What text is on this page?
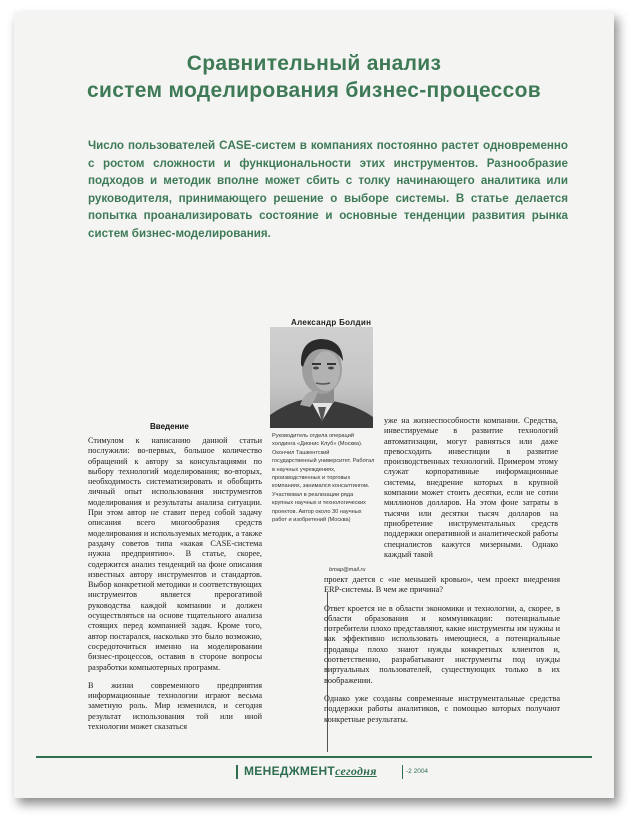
Сравнительный анализ
систем моделирования бизнес-процессов
Число пользователей CASE-систем в компаниях постоянно растет одновременно с ростом сложности и функциональности этих инструментов. Разнообразие подходов и методик вполне может сбить с толку начинающего аналитика или руководителя, принимающего решение о выборе системы. В статье делается попытка проанализировать состояние и основные тенденции развития рынка систем бизнес-моделирования.
Александр Болдин
Руководитель отдела операций холдинга «Дионис Клуб» (Москва). Окончил Ташкентский государственный университет. Работал в научных учреждениях, производственных и торговых компаниях, занимался консалтингом. Участвовал в реализации ряда крупных научных и технологических проектов. Автор около 30 научных работ и изобретений (Москва)
bmap@mail.ru
Введение

Стимулом к написанию данной статьи послужили: во-первых, большое количество обращений к автору за консультациями по выбору технологий моделирования; во-вторых, необходимость систематизировать и обобщить личный опыт использования инструментов моделирования и результаты анализа ситуации. При этом автор не ставит перед собой задачу описания всего многообразия средств моделирования и используемых методик, а также раздачу советов типа «какая CASE-система нужна предприятию». В статье, скорее, содержится анализ тенденций на фоне описания известных автору инструментов и стандартов. Выбор конкретной методики и соответствующих инструментов является прерогативой руководства каждой компании и должен осуществляться на основе тщательного анализа стоящих перед компанией задач. Кроме того, автор постарался, насколько это было возможно, сосредоточиться именно на моделировании бизнес-процессов, оставив в стороне вопросы разработки компьютерных программ.

В жизни современного предприятия информационные технологии играют весьма заметную роль. Мир изменился, и сегодня результат использования той или иной технологии может сказаться

уже на жизнеспособности компании. Средства, инвестируемые в развитие технологий автоматизации, могут равняться или даже превосходить инвестиции в развитие производственных технологий. Примером этому служат корпоративные информационные системы, внедрение которых в крупной компании может стоить десятки, если не сотни миллионов долларов. На этом фоне затраты в тысячи или десятки тысяч долларов на приобретение инструментальных средств поддержки оперативной и аналитической работы специалистов кажутся мизерными. Однако каждый такой

проект дается с «не меньшей кровью», чем проект внедрения ERP-системы. В чем же причина?

Ответ кроется не в области экономики и технологии, а, скорее, в области образования и коммуникации: потенциальные потребители плохо представляют, какие инструменты им нужны и как эффективно использовать имеющиеся, а потенциальные продавцы плохо знают нужды конкретных клиентов и, соответственно, разрабатывают инструменты под нужды виртуальных пользователей, существующих только в их воображении.

Однако уже созданы современные инструментальные средства поддержки работы аналитиков, с помощью которых получают конкретные результаты.

МЕНЕДЖМЕНТсегодня	-2 2004
